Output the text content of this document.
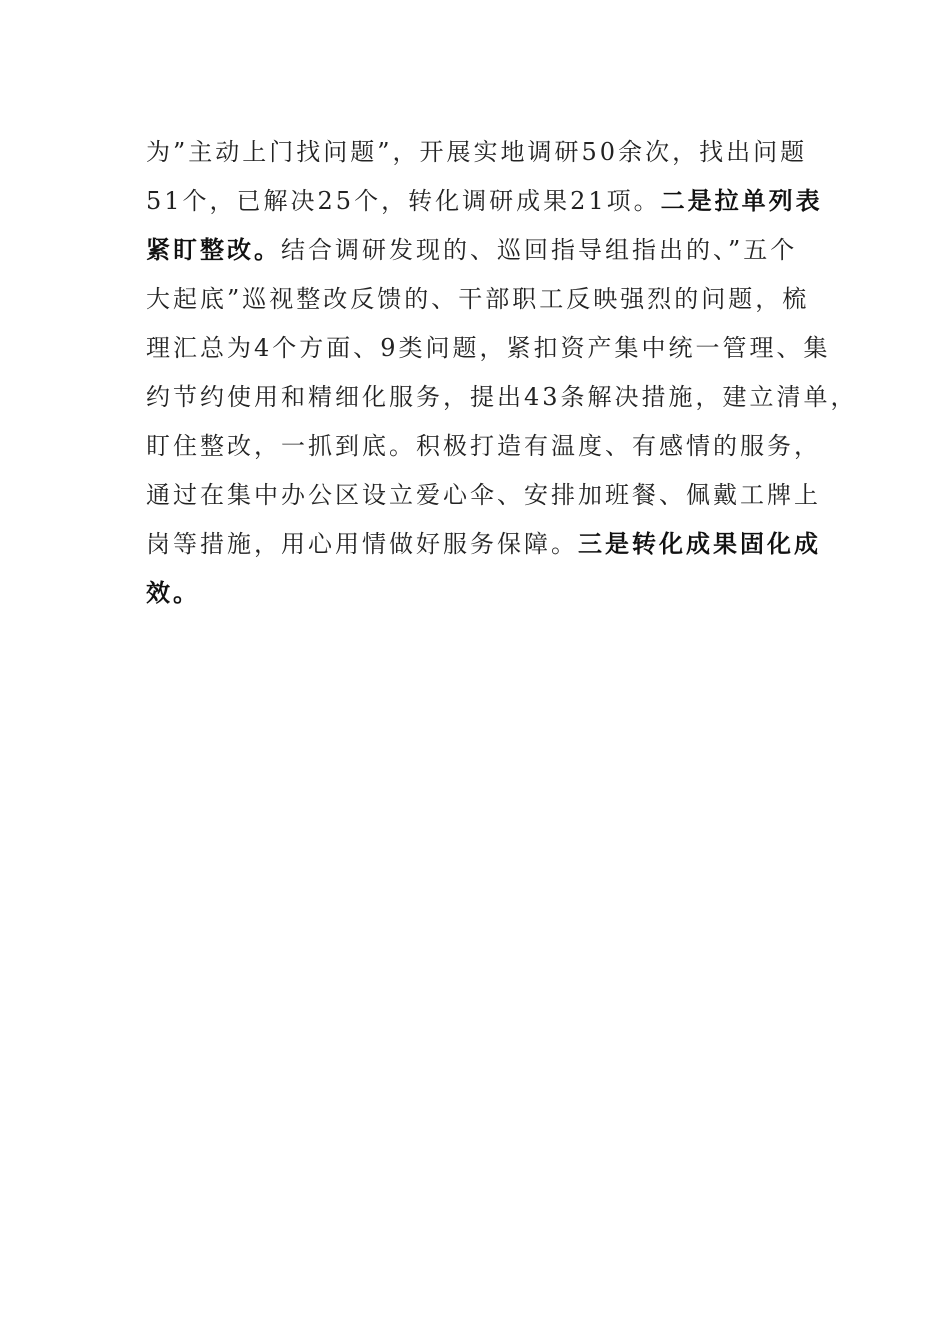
为”主动上门找问题”，开展实地调研50余次，找出问题
51个，已解决25个，转化调研成果21项。二是拉单列表
紧盯整改。结合调研发现的、巡回指导组指出的、”五个
大起底”巡视整改反馈的、干部职工反映强烈的问题，梳
理汇总为4个方面、9类问题，紧扣资产集中统一管理、集
约节约使用和精细化服务，提出43条解决措施，建立清单，
盯住整改，一抓到底。积极打造有温度、有感情的服务，
通过在集中办公区设立爱心伞、安排加班餐、佩戴工牌上
岗等措施，用心用情做好服务保障。三是转化成果固化成
效。
